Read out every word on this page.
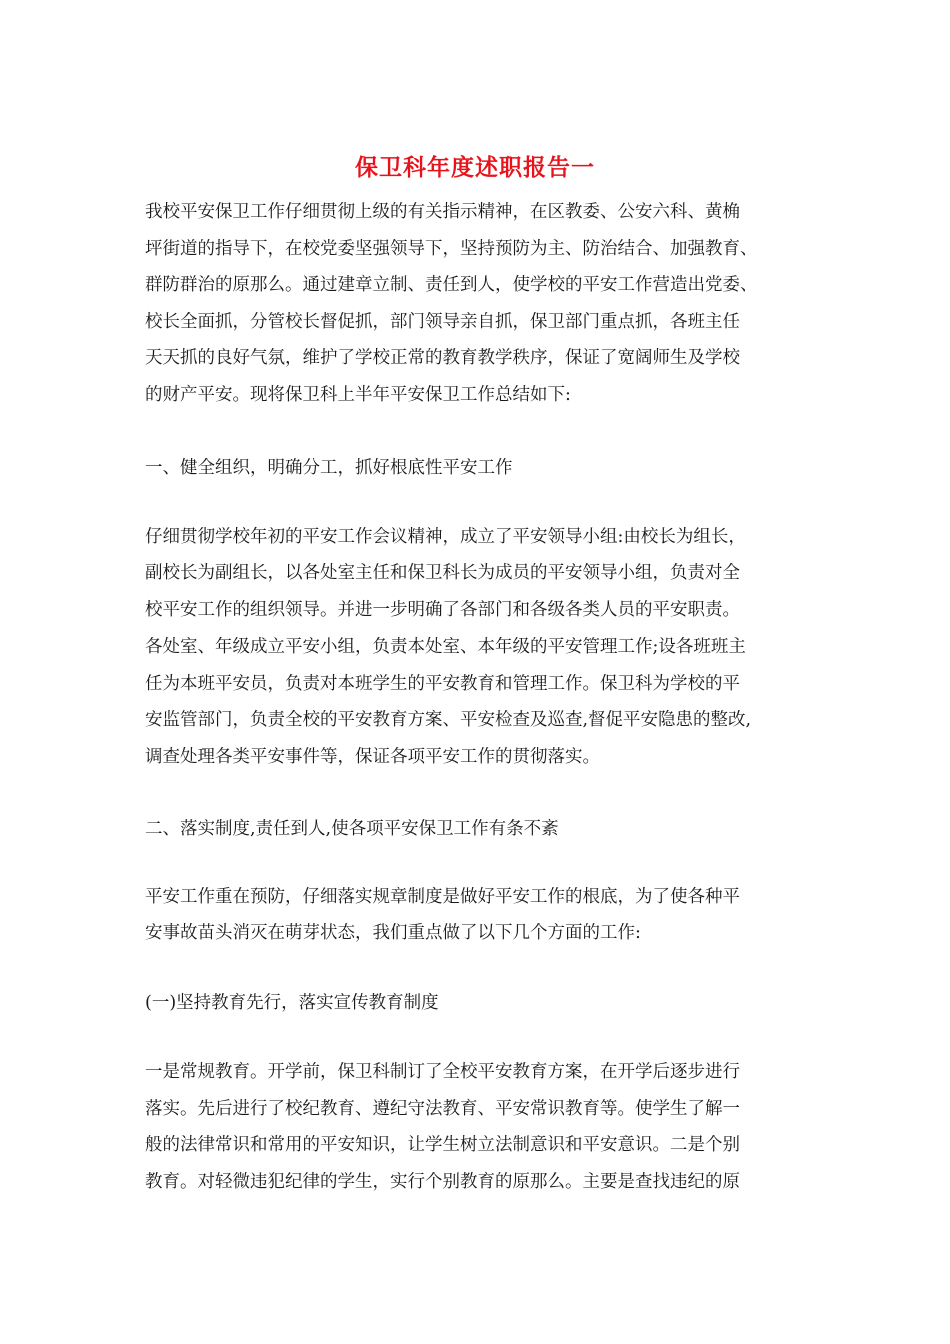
保卫科年度述职报告一
我校平安保卫工作仔细贯彻上级的有关指示精神，在区教委、公安六科、黄桷
坪街道的指导下，在校党委坚强领导下，坚持预防为主、防治结合、加强教育、
群防群治的原那么。通过建章立制、责任到人，使学校的平安工作营造出党委、
校长全面抓，分管校长督促抓，部门领导亲自抓，保卫部门重点抓，各班主任
天天抓的良好气氛，维护了学校正常的教育教学秩序，保证了宽阔师生及学校
的财产平安。现将保卫科上半年平安保卫工作总结如下:
一、健全组织，明确分工，抓好根底性平安工作
仔细贯彻学校年初的平安工作会议精神，成立了平安领导小组:由校长为组长，
副校长为副组长，以各处室主任和保卫科长为成员的平安领导小组，负责对全
校平安工作的组织领导。并进一步明确了各部门和各级各类人员的平安职责。
各处室、年级成立平安小组，负责本处室、本年级的平安管理工作;设各班班主
任为本班平安员，负责对本班学生的平安教育和管理工作。保卫科为学校的平
安监管部门，负责全校的平安教育方案、平安检查及巡查,督促平安隐患的整改,
调查处理各类平安事件等，保证各项平安工作的贯彻落实。
二、落实制度,责任到人,使各项平安保卫工作有条不紊
平安工作重在预防，仔细落实规章制度是做好平安工作的根底，为了使各种平
安事故苗头消灭在萌芽状态，我们重点做了以下几个方面的工作:
(一)坚持教育先行，落实宣传教育制度
一是常规教育。开学前，保卫科制订了全校平安教育方案，在开学后逐步进行
落实。先后进行了校纪教育、遵纪守法教育、平安常识教育等。使学生了解一
般的法律常识和常用的平安知识，让学生树立法制意识和平安意识。二是个别
教育。对轻微违犯纪律的学生，实行个别教育的原那么。主要是查找违纪的原
